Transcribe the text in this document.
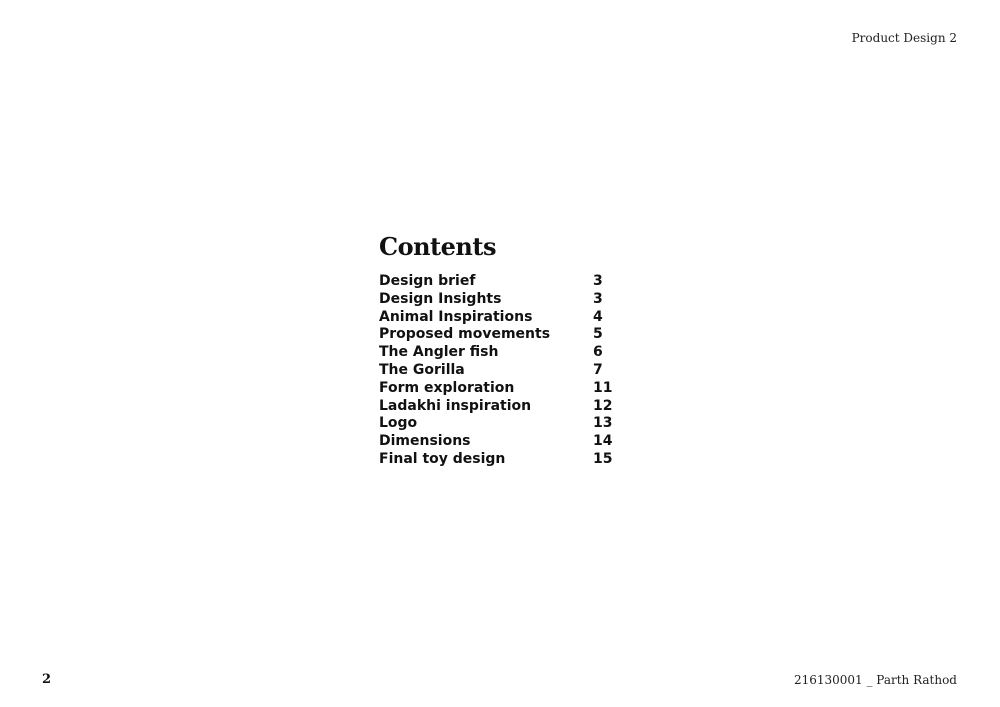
Product Design 2
Contents
Design brief	3
Design Insights	3
Animal Inspirations	4
Proposed movements	5
The Angler fish	6
The Gorilla	7
Form exploration	11
Ladakhi inspiration	12
Logo	13
Dimensions	14
Final toy design	15
2	216130001 _ Parth Rathod
